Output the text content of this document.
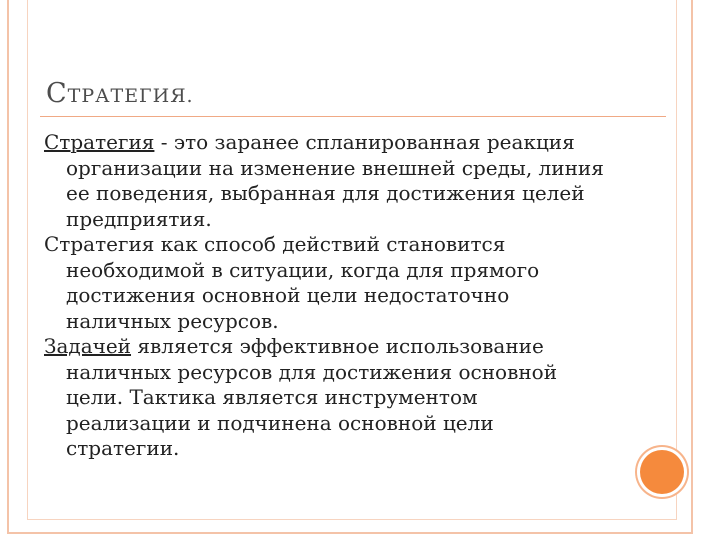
СТРАТЕГИЯ.

Стратегия - это заранее спланированная реакция организации на изменение внешней среды, линия ее поведения, выбранная для достижения целей предприятия.

Стратегия как способ действий становится необходимой в ситуации, когда для прямого достижения основной цели недостаточно наличных ресурсов.

Задачей является эффективное использование наличных ресурсов для достижения основной цели. Тактика является инструментом реализации и подчинена основной цели стратегии.
